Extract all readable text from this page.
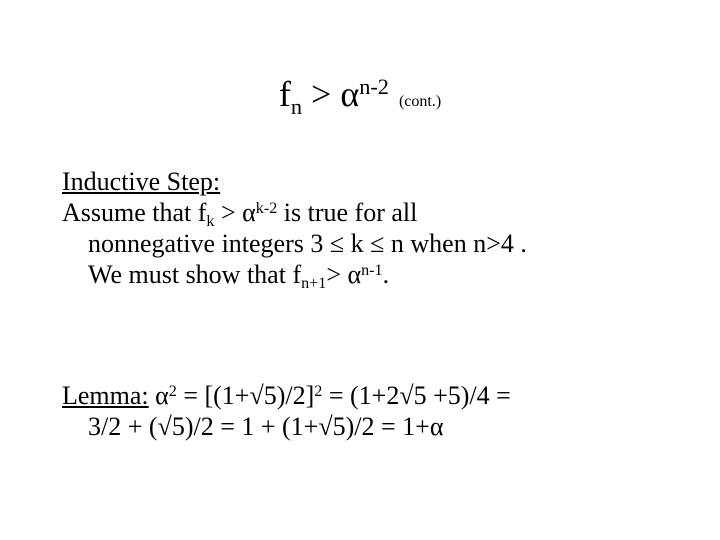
$f_n$ > $\alpha^{n-2}(cont.)$

Inductive Step:

Assume that $f_k > \alpha^{k-2}$ is true for all

nonnegative integers 3 ≤ k ≤ n when n>4 .

We must show that $f_{n+1}> \alpha^{n-1}$.

Lemma: $\alpha^2 = [(1+√5)/2]^2 = (1+2√5 +5)/4$ =

3/2 + (√5)/2 = 1 + (1+√5)/2 = 1+α
